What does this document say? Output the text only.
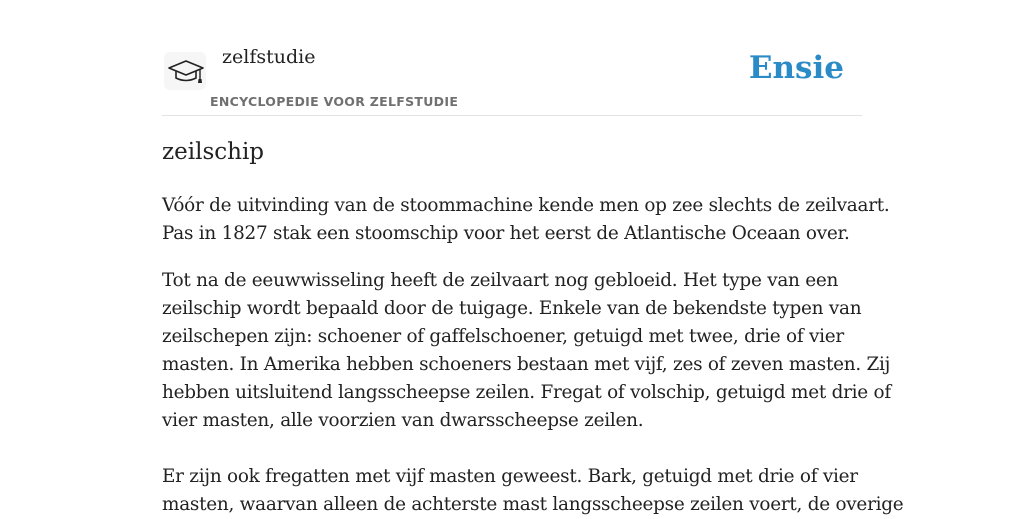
zelfstudie
ENCYCLOPEDIE VOOR ZELFSTUDIE
Ensie
zeilschip

Vóór de uitvinding van de stoommachine kende men op zee slechts de zeilvaart.
Pas in 1827 stak een stoomschip voor het eerst de Atlantische Oceaan over.

Tot na de eeuwwisseling heeft de zeilvaart nog gebloeid. Het type van een
zeilschip wordt bepaald door de tuigage. Enkele van de bekendste typen van
zeilschepen zijn: schoener of gaffelschoener, getuigd met twee, drie of vier
masten. In Amerika hebben schoeners bestaan met vijf, zes of zeven masten. Zij
hebben uitsluitend langsscheepse zeilen. Fregat of volschip, getuigd met drie of
vier masten, alle voorzien van dwarsscheepse zeilen.

Er zijn ook fregatten met vijf masten geweest. Bark, getuigd met drie of vier
masten, waarvan alleen de achterste mast langsscheepse zeilen voert, de overige
